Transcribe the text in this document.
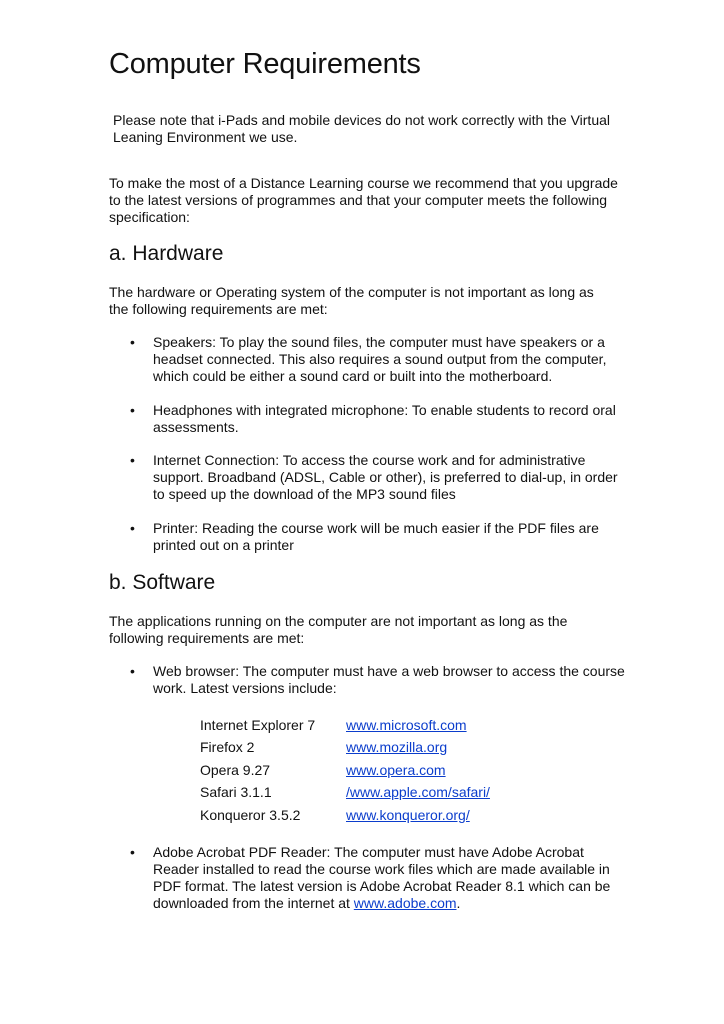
Computer Requirements

Please note that i-Pads and mobile devices do not work correctly with the Virtual Leaning Environment we use.

To make the most of a Distance Learning course we recommend that you upgrade to the latest versions of programmes and that your computer meets the following specification:

a. Hardware

The hardware or Operating system of the computer is not important as long as the following requirements are met:

• Speakers: To play the sound files, the computer must have speakers or a headset connected. This also requires a sound output from the computer, which could be either a sound card or built into the motherboard.
• Headphones with integrated microphone: To enable students to record oral assessments.
• Internet Connection: To access the course work and for administrative support. Broadband (ADSL, Cable or other), is preferred to dial-up, in order to speed up the download of the MP3 sound files
• Printer: Reading the course work will be much easier if the PDF files are printed out on a printer
b. Software

The applications running on the computer are not important as long as the following requirements are met:

• Web browser: The computer must have a web browser to access the course work. Latest versions include:
Internet Explorer 7	www.microsoft.com
Firefox 2	www.mozilla.org
Opera 9.27	www.opera.com
Safari 3.1.1	/www.apple.com/safari/
Konqueror 3.5.2	www.konqueror.org/
• Adobe Acrobat PDF Reader: The computer must have Adobe Acrobat Reader installed to read the course work files which are made available in PDF format. The latest version is Adobe Acrobat Reader 8.1 which can be downloaded from the internet at www.adobe.com.
